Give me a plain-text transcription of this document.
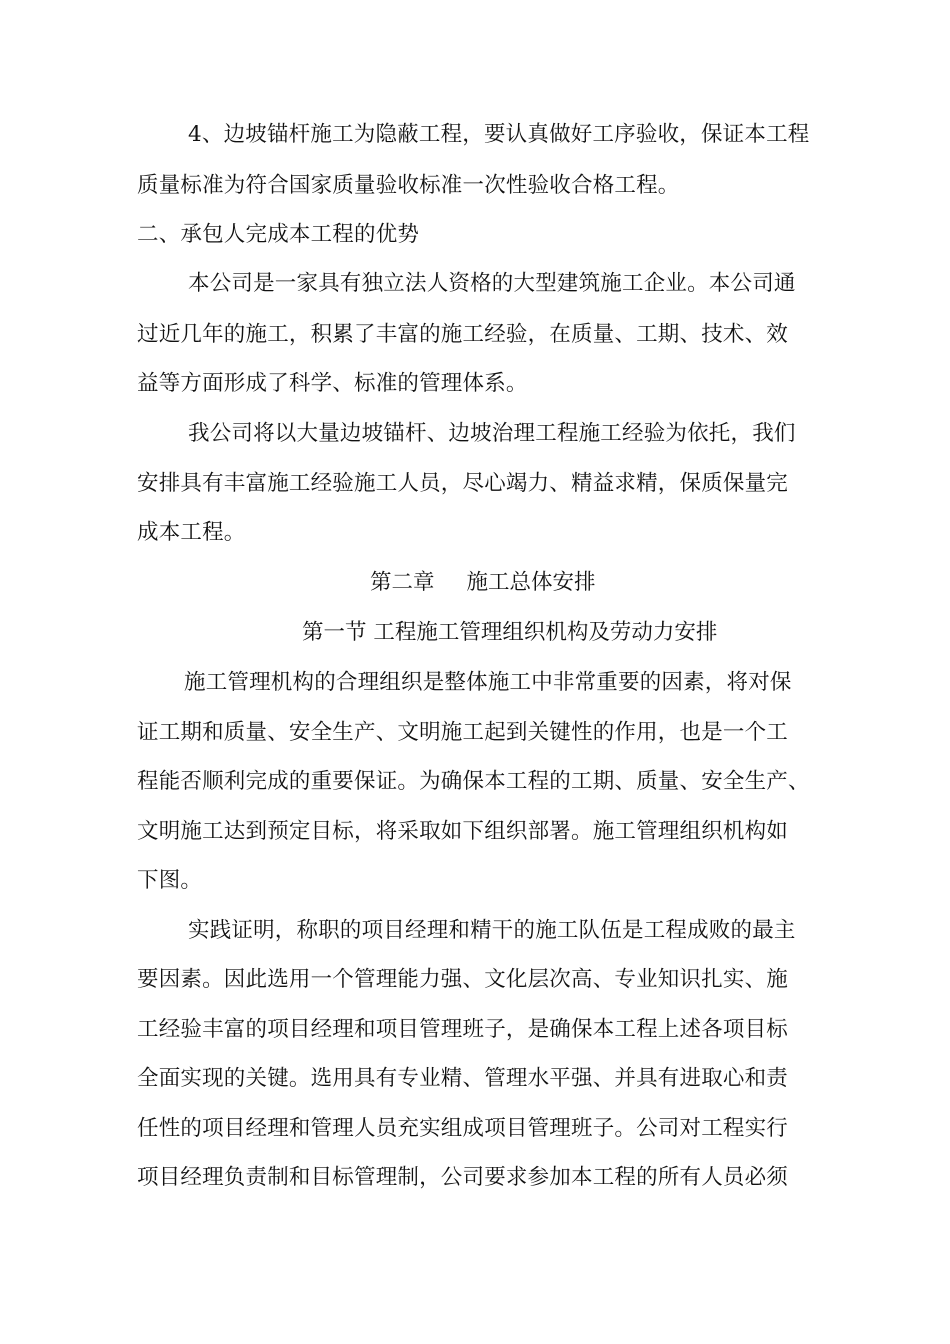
4、边坡锚杆施工为隐蔽工程，要认真做好工序验收，保证本工程
质量标准为符合国家质量验收标准一次性验收合格工程。
二、承包人完成本工程的优势
本公司是一家具有独立法人资格的大型建筑施工企业。本公司通
过近几年的施工，积累了丰富的施工经验，在质量、工期、技术、效
益等方面形成了科学、标准的管理体系。
我公司将以大量边坡锚杆、边坡治理工程施工经验为依托，我们
安排具有丰富施工经验施工人员，尽心竭力、精益求精，保质保量完
成本工程。
第二章 施工总体安排
第一节 工程施工管理组织机构及劳动力安排
施工管理机构的合理组织是整体施工中非常重要的因素，将对保
证工期和质量、安全生产、文明施工起到关键性的作用，也是一个工
程能否顺利完成的重要保证。为确保本工程的工期、质量、安全生产、
文明施工达到预定目标，将采取如下组织部署。施工管理组织机构如
下图。
实践证明，称职的项目经理和精干的施工队伍是工程成败的最主
要因素。因此选用一个管理能力强、文化层次高、专业知识扎实、施
工经验丰富的项目经理和项目管理班子，是确保本工程上述各项目标
全面实现的关键。选用具有专业精、管理水平强、并具有进取心和责
任性的项目经理和管理人员充实组成项目管理班子。公司对工程实行
项目经理负责制和目标管理制，公司要求参加本工程的所有人员必须
